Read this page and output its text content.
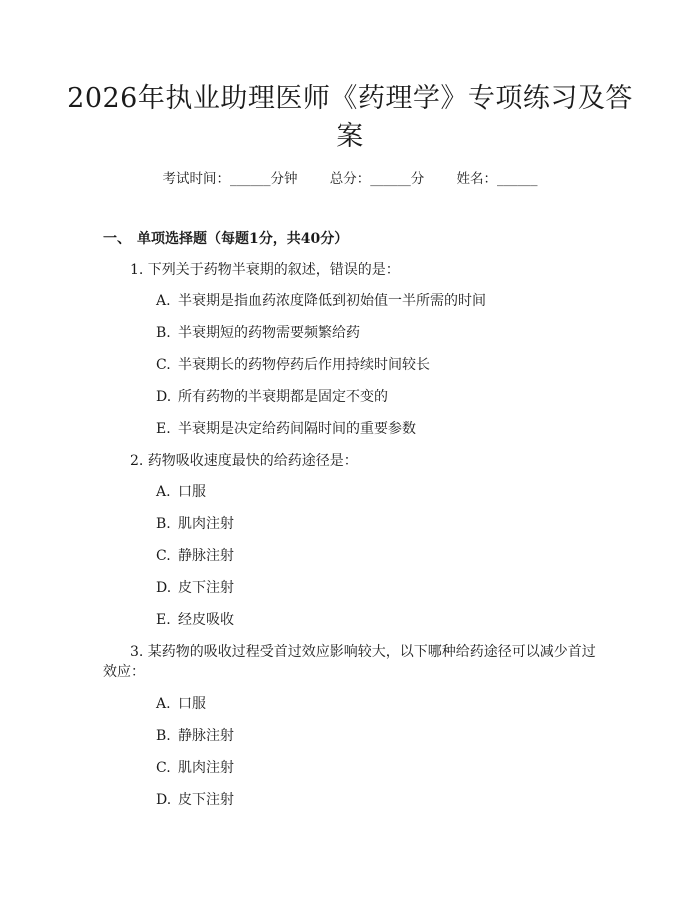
2026年执业助理医师《药理学》专项练习及答案
考试时间：______分钟 总分：______分 姓名：______
一、 单项选择题（每题1分，共40分）
1. 下列关于药物半衰期的叙述，错误的是：
A. 半衰期是指血药浓度降低到初始值一半所需的时间
B. 半衰期短的药物需要频繁给药
C. 半衰期长的药物停药后作用持续时间较长
D. 所有药物的半衰期都是固定不变的
E. 半衰期是决定给药间隔时间的重要参数
2. 药物吸收速度最快的给药途径是：
A. 口服
B. 肌肉注射
C. 静脉注射
D. 皮下注射
E. 经皮吸收
3. 某药物的吸收过程受首过效应影响较大，以下哪种给药途径可以减少首过效应：
A. 口服
B. 静脉注射
C. 肌肉注射
D. 皮下注射
